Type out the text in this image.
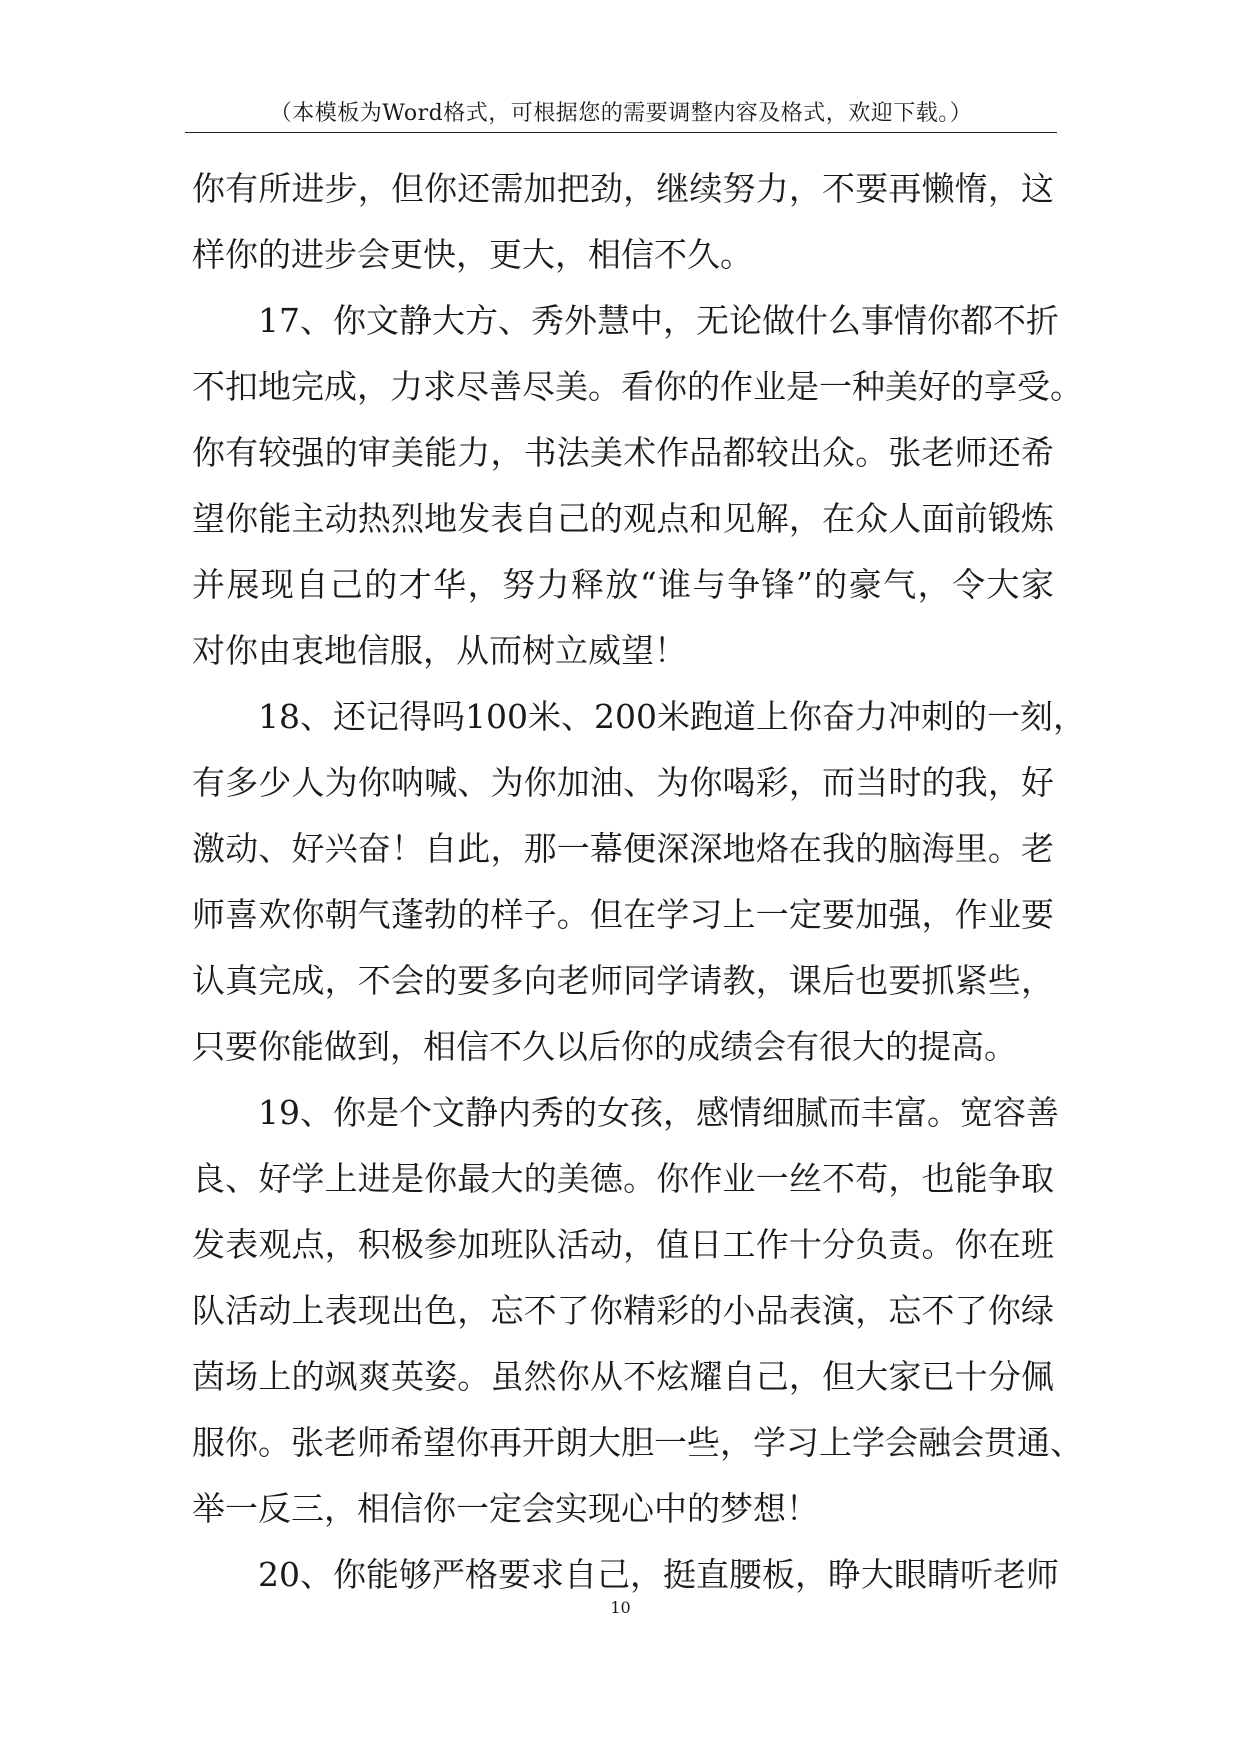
（本模板为Word格式，可根据您的需要调整内容及格式，欢迎下载。）
你有所进步，但你还需加把劲，继续努力，不要再懒惰，这
样你的进步会更快，更大，相信不久。
17、你文静大方、秀外慧中，无论做什么事情你都不折
不扣地完成，力求尽善尽美。看你的作业是一种美好的享受。
你有较强的审美能力，书法美术作品都较出众。张老师还希
望你能主动热烈地发表自己的观点和见解，在众人面前锻炼
并展现自己的才华，努力释放“谁与争锋”的豪气，令大家
对你由衷地信服，从而树立威望！
18、还记得吗100米、200米跑道上你奋力冲刺的一刻，
有多少人为你呐喊、为你加油、为你喝彩，而当时的我，好
激动、好兴奋！自此，那一幕便深深地烙在我的脑海里。老
师喜欢你朝气蓬勃的样子。但在学习上一定要加强，作业要
认真完成，不会的要多向老师同学请教，课后也要抓紧些，
只要你能做到，相信不久以后你的成绩会有很大的提高。
19、你是个文静内秀的女孩，感情细腻而丰富。宽容善
良、好学上进是你最大的美德。你作业一丝不苟，也能争取
发表观点，积极参加班队活动，值日工作十分负责。你在班
队活动上表现出色，忘不了你精彩的小品表演，忘不了你绿
茵场上的飒爽英姿。虽然你从不炫耀自己，但大家已十分佩
服你。张老师希望你再开朗大胆一些，学习上学会融会贯通、
举一反三，相信你一定会实现心中的梦想！
20、你能够严格要求自己，挺直腰板，睁大眼睛听老师
10
